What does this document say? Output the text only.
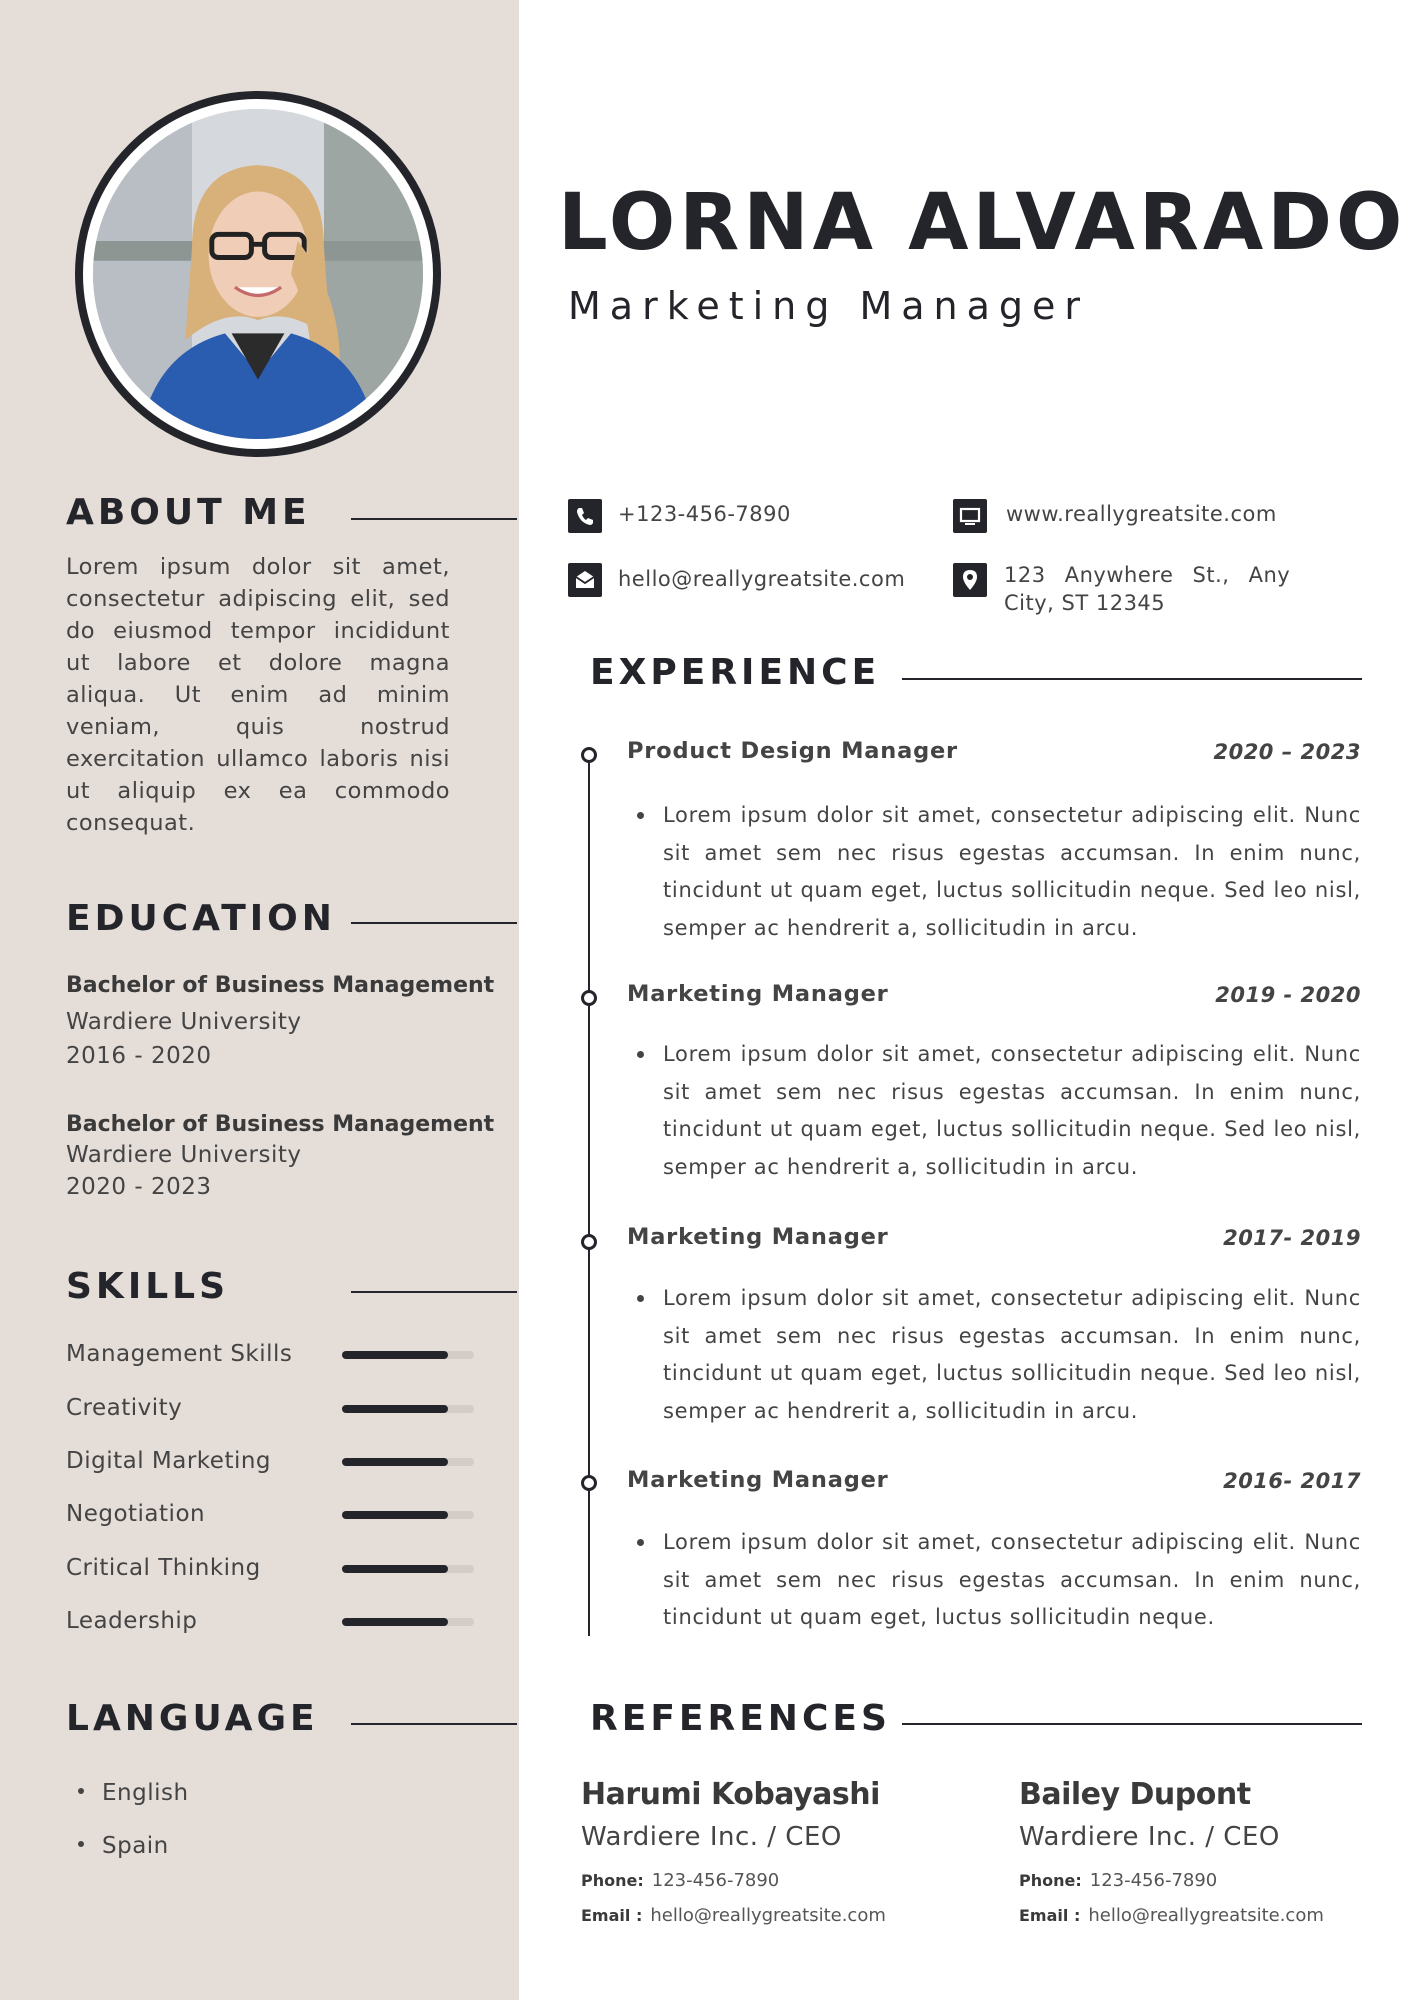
ABOUT ME
Lorem ipsum dolor sit amet, consectetur adipiscing elit, sed do eiusmod tempor incididunt ut labore et dolore magna aliqua. Ut enim ad minim veniam, quis nostrud exercitation ullamco laboris nisi ut aliquip ex ea commodo consequat.
EDUCATION
Bachelor of Business Management
Wardiere University
2016 - 2020
Bachelor of Business Management
Wardiere University
2020 - 2023
SKILLS
Management Skills
Creativity
Digital Marketing
Negotiation
Critical Thinking
Leadership
LANGUAGE
English
Spain
LORNA ALVARADO
Marketing Manager
+123-456-7890	www.reallygreatsite.com
hello@reallygreatsite.com	123 Anywhere St., Any
City, ST 12345
EXPERIENCE
Product Design Manager	2020 – 2023
Lorem ipsum dolor sit amet, consectetur adipiscing elit. Nunc sit amet sem nec risus egestas accumsan. In enim nunc, tincidunt ut quam eget, luctus sollicitudin neque. Sed leo nisl, semper ac hendrerit a, sollicitudin in arcu.
Marketing Manager	2019 - 2020
Lorem ipsum dolor sit amet, consectetur adipiscing elit. Nunc sit amet sem nec risus egestas accumsan. In enim nunc, tincidunt ut quam eget, luctus sollicitudin neque. Sed leo nisl, semper ac hendrerit a, sollicitudin in arcu.
Marketing Manager	2017- 2019
Lorem ipsum dolor sit amet, consectetur adipiscing elit. Nunc sit amet sem nec risus egestas accumsan. In enim nunc, tincidunt ut quam eget, luctus sollicitudin neque. Sed leo nisl, semper ac hendrerit a, sollicitudin in arcu.
Marketing Manager	2016- 2017
Lorem ipsum dolor sit amet, consectetur adipiscing elit. Nunc sit amet sem nec risus egestas accumsan. In enim nunc, tincidunt ut quam eget, luctus sollicitudin neque.
REFERENCES
Harumi Kobayashi
Wardiere Inc. / CEO
Phone: 123-456-7890
Email : hello@reallygreatsite.com
Bailey Dupont
Wardiere Inc. / CEO
Phone: 123-456-7890
Email : hello@reallygreatsite.com
